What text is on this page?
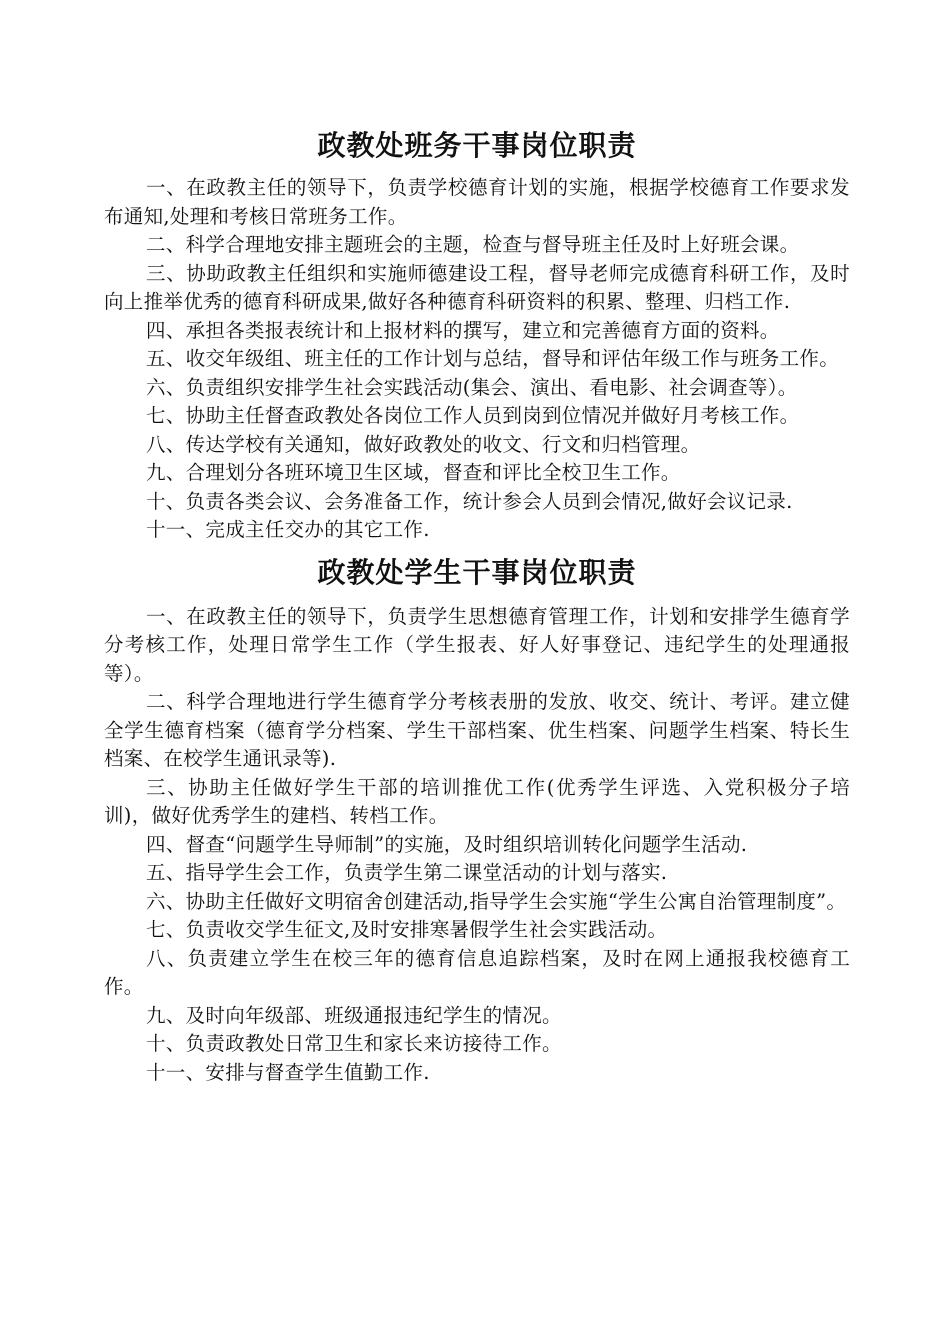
政教处班务干事岗位职责

一、在政教主任的领导下，负责学校德育计划的实施，根据学校德育工作要求发布通知,处理和考核日常班务工作。

二、科学合理地安排主题班会的主题，检查与督导班主任及时上好班会课。

三、协助政教主任组织和实施师德建设工程，督导老师完成德育科研工作，及时向上推举优秀的德育科研成果,做好各种德育科研资料的积累、整理、归档工作.

四、承担各类报表统计和上报材料的撰写，建立和完善德育方面的资料。

五、收交年级组、班主任的工作计划与总结，督导和评估年级工作与班务工作。

六、负责组织安排学生社会实践活动(集会、演出、看电影、社会调查等）。

七、协助主任督查政教处各岗位工作人员到岗到位情况并做好月考核工作。

八、传达学校有关通知，做好政教处的收文、行文和归档管理。

九、合理划分各班环境卫生区域，督查和评比全校卫生工作。

十、负责各类会议、会务准备工作，统计参会人员到会情况,做好会议记录.

十一、完成主任交办的其它工作.

政教处学生干事岗位职责

一、在政教主任的领导下，负责学生思想德育管理工作，计划和安排学生德育学分考核工作，处理日常学生工作（学生报表、好人好事登记、违纪学生的处理通报等）。

二、科学合理地进行学生德育学分考核表册的发放、收交、统计、考评。建立健全学生德育档案（德育学分档案、学生干部档案、优生档案、问题学生档案、特长生档案、在校学生通讯录等).

三、协助主任做好学生干部的培训推优工作(优秀学生评选、入党积极分子培训)，做好优秀学生的建档、转档工作。

四、督查“问题学生导师制”的实施，及时组织培训转化问题学生活动.

五、指导学生会工作，负责学生第二课堂活动的计划与落实.

六、协助主任做好文明宿舍创建活动,指导学生会实施“学生公寓自治管理制度”。

七、负责收交学生征文,及时安排寒暑假学生社会实践活动。

八、负责建立学生在校三年的德育信息追踪档案，及时在网上通报我校德育工作。

九、及时向年级部、班级通报违纪学生的情况。

十、负责政教处日常卫生和家长来访接待工作。

十一、安排与督查学生值勤工作.
